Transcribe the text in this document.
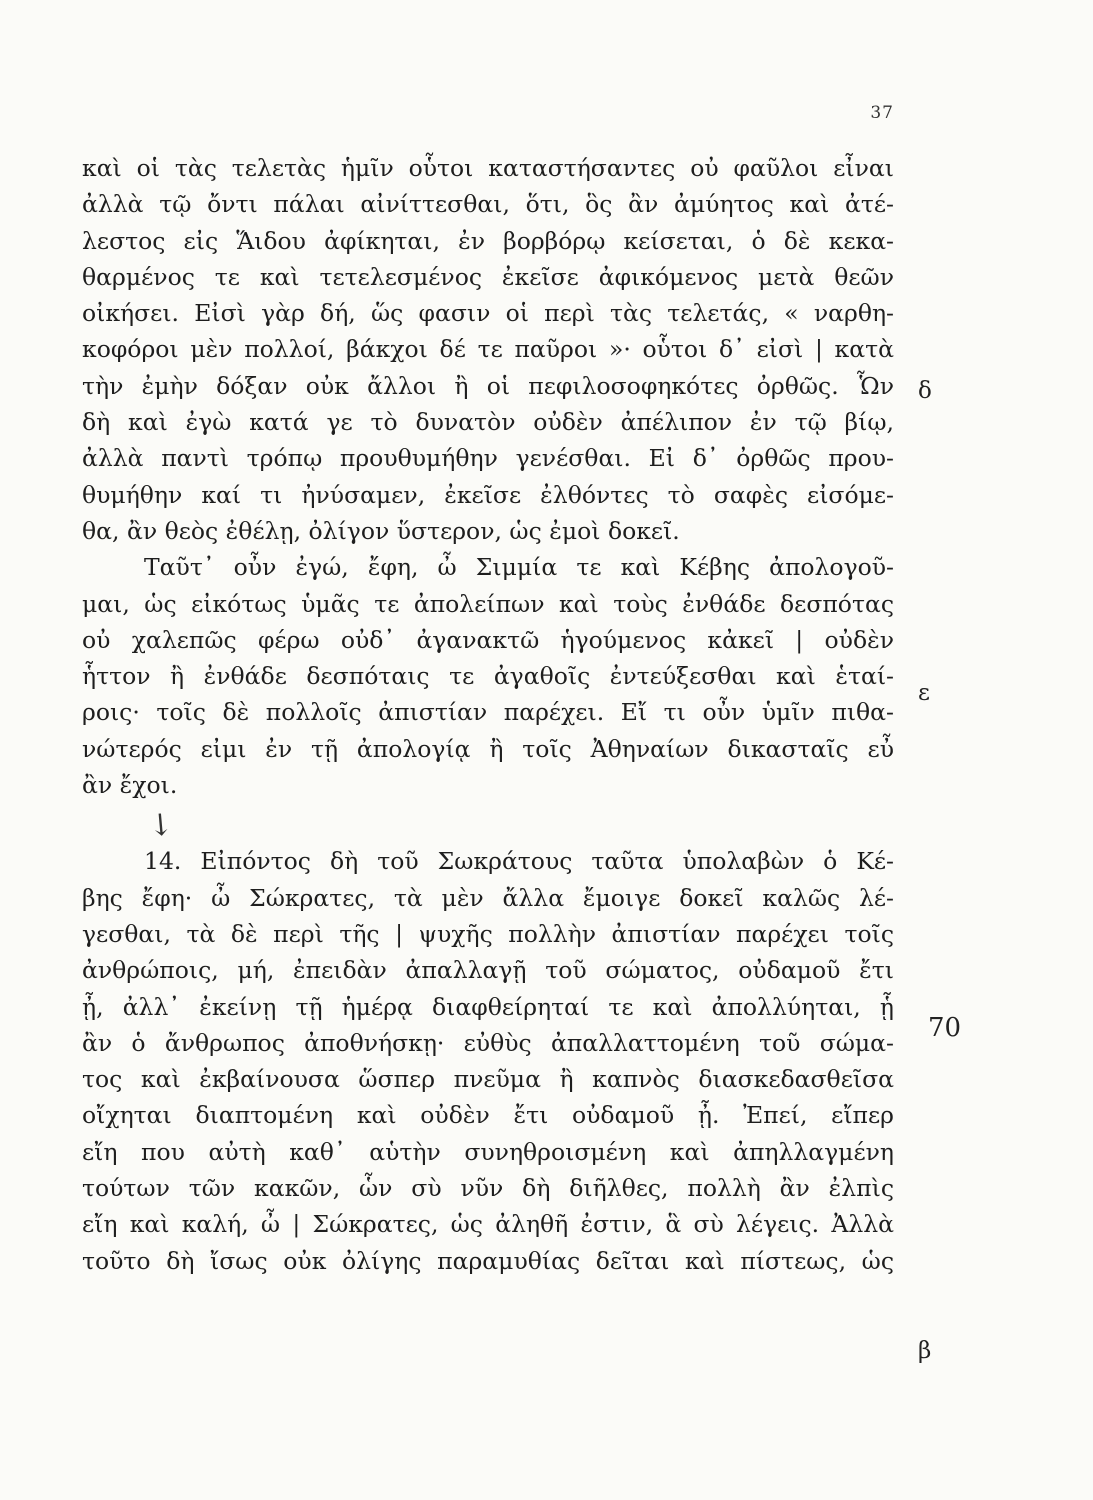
37
καὶ οἱ τὰς τελετὰς ἡμῖν οὗτοι καταστήσαντες οὐ φαῦλοι εἶναι
ἀλλὰ τῷ ὄντι πάλαι αἰνίττεσθαι, ὅτι, ὃς ἂν ἀμύητος καὶ ἀτέ-
λεστος εἰς Ἅιδου ἀφίκηται, ἐν βορβόρῳ κείσεται, ὁ δὲ κεκα-
θαρμένος τε καὶ τετελεσμένος ἐκεῖσε ἀφικόμενος μετὰ θεῶν
οἰκήσει. Εἰσὶ γὰρ δή, ὥς φασιν οἱ περὶ τὰς τελετάς, « ναρθη-
κοφόροι μὲν πολλοί, βάκχοι δέ τε παῦροι »· οὗτοι δ᾽ εἰσὶ | κατὰ
τὴν ἐμὴν δόξαν οὐκ ἄλλοι ἢ οἱ πεφιλοσοφηκότες ὀρθῶς. Ὧν
δὴ καὶ ἐγὼ κατά γε τὸ δυνατὸν οὐδὲν ἀπέλιπον ἐν τῷ βίῳ,
ἀλλὰ παντὶ τρόπῳ προυθυμήθην γενέσθαι. Εἰ δ᾽ ὀρθῶς πρου-
θυμήθην καί τι ἠνύσαμεν, ἐκεῖσε ἐλθόντες τὸ σαφὲς εἰσόμε-
θα, ἂν θεὸς ἐθέλῃ, ὀλίγον ὕστερον, ὡς ἐμοὶ δοκεῖ.
Ταῦτ᾽ οὖν ἐγώ, ἔφη, ὦ Σιμμία τε καὶ Κέβης ἀπολογοῦ-
μαι, ὡς εἰκότως ὑμᾶς τε ἀπολείπων καὶ τοὺς ἐνθάδε δεσπότας
οὐ χαλεπῶς φέρω οὐδ᾽ ἀγανακτῶ ἡγούμενος κἀκεῖ | οὐδὲν
ἧττον ἢ ἐνθάδε δεσπόταις τε ἀγαθοῖς ἐντεύξεσθαι καὶ ἑταί-
ροις· τοῖς δὲ πολλοῖς ἀπιστίαν παρέχει. Εἴ τι οὖν ὑμῖν πιθα-
νώτερός εἰμι ἐν τῇ ἀπολογίᾳ ἢ τοῖς Ἀθηναίων δικασταῖς εὖ
ἂν ἔχοι.
↘
14. Εἰπόντος δὴ τοῦ Σωκράτους ταῦτα ὑπολαβὼν ὁ Κέ-
βης ἔφη· ὦ Σώκρατες, τὰ μὲν ἄλλα ἔμοιγε δοκεῖ καλῶς λέ-
γεσθαι, τὰ δὲ περὶ τῆς | ψυχῆς πολλὴν ἀπιστίαν παρέχει τοῖς
ἀνθρώποις, μή, ἐπειδὰν ἀπαλλαγῇ τοῦ σώματος, οὐδαμοῦ ἔτι
ᾖ, ἀλλ᾽ ἐκείνῃ τῇ ἡμέρᾳ διαφθείρηταί τε καὶ ἀπολλύηται, ᾗ
ἂν ὁ ἄνθρωπος ἀποθνήσκῃ· εὐθὺς ἀπαλλαττομένη τοῦ σώμα-
τος καὶ ἐκβαίνουσα ὥσπερ πνεῦμα ἢ καπνὸς διασκεδασθεῖσα
οἴχηται διαπτομένη καὶ οὐδὲν ἔτι οὐδαμοῦ ᾖ. Ἐπεί, εἴπερ
εἴη που αὐτὴ καθ᾽ αὑτὴν συνηθροισμένη καὶ ἀπηλλαγμένη
τούτων τῶν κακῶν, ὧν σὺ νῦν δὴ διῆλθες, πολλὴ ἂν ἐλπὶς
εἴη καὶ καλή, ὦ | Σώκρατες, ὡς ἀληθῆ ἐστιν, ἃ σὺ λέγεις. Ἀλλὰ
τοῦτο δὴ ἴσως οὐκ ὀλίγης παραμυθίας δεῖται καὶ πίστεως, ὡς
δ
ε
70
β
